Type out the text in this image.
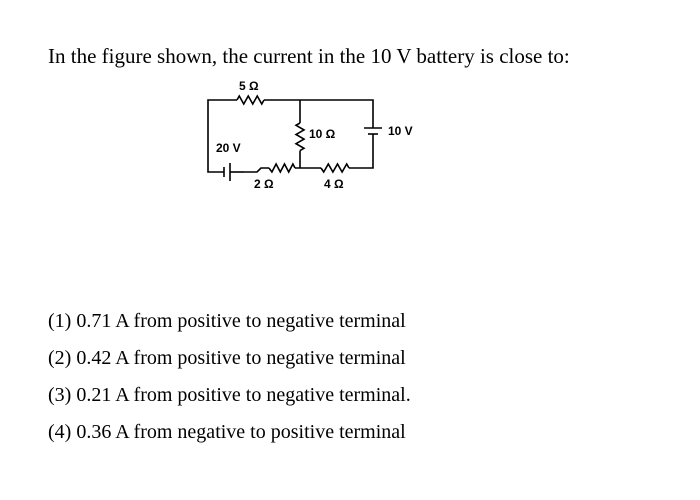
In the figure shown, the current in the 10 V battery is close to:
5 Ω
10 Ω	10 V
20 V
2 Ω	4 Ω
(1) 0.71 A from positive to negative terminal
(2) 0.42 A from positive to negative terminal
(3) 0.21 A from positive to negative terminal.
(4) 0.36 A from negative to positive terminal
